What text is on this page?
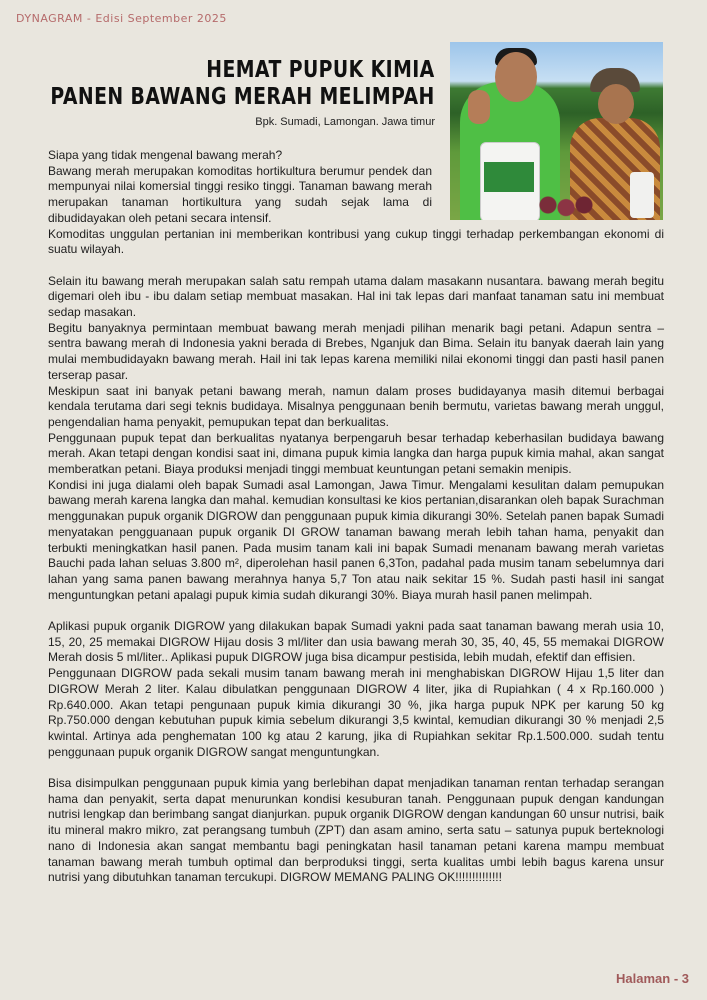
DYNAGRAM - Edisi September 2025
HEMAT PUPUK KIMIA
PANEN BAWANG MERAH MELIMPAH
Bpk. Sumadi, Lamongan. Jawa timur

Siapa yang tidak mengenal bawang merah?

Bawang merah merupakan komoditas hortikultura berumur pendek dan mempunyai nilai komersial tinggi resiko tinggi. Tanaman bawang merah merupakan tanaman hortikultura yang sudah sejak lama di dibudidayakan oleh petani secara intensif.

Komoditas unggulan pertanian ini memberikan kontribusi yang cukup tinggi terhadap perkembangan ekonomi di suatu wilayah.

Selain itu bawang merah merupakan salah satu rempah utama dalam masakann nusantara. bawang merah begitu digemari oleh ibu - ibu dalam setiap membuat masakan. Hal ini tak lepas dari manfaat tanaman satu ini membuat sedap masakan.

Begitu banyaknya permintaan membuat bawang merah menjadi pilihan menarik bagi petani. Adapun sentra – sentra bawang merah di Indonesia yakni berada di Brebes, Nganjuk dan Bima. Selain itu banyak daerah lain yang mulai membudidayakn bawang merah. Hail ini tak lepas karena memiliki nilai ekonomi tinggi dan pasti hasil panen terserap pasar.

Meskipun saat ini banyak petani bawang merah, namun dalam proses budidayanya masih ditemui berbagai kendala terutama dari segi teknis budidaya. Misalnya penggunaan benih bermutu, varietas bawang merah unggul, pengendalian hama penyakit, pemupukan tepat dan berkualitas.

Penggunaan pupuk tepat dan berkualitas nyatanya berpengaruh besar terhadap keberhasilan budidaya bawang merah. Akan tetapi dengan kondisi saat ini, dimana pupuk kimia langka dan harga pupuk kimia mahal, akan sangat memberatkan petani. Biaya produksi menjadi tinggi membuat keuntungan petani semakin menipis.

Kondisi ini juga dialami oleh bapak Sumadi asal Lamongan, Jawa Timur. Mengalami kesulitan dalam pemupukan bawang merah karena langka dan mahal. kemudian konsultasi ke kios pertanian,disarankan oleh bapak Surachman menggunakan pupuk organik DIGROW dan penggunaan pupuk kimia dikurangi 30%. Setelah panen bapak Sumadi menyatakan pengguanaan pupuk organik DI GROW tanaman bawang merah lebih tahan hama, penyakit dan terbukti meningkatkan hasil panen. Pada musim tanam kali ini bapak Sumadi menanam bawang merah varietas Bauchi pada lahan seluas 3.800 m², diperolehan hasil panen 6,3Ton, padahal pada musim tanam sebelumnya dari lahan yang sama panen bawang merahnya hanya 5,7 Ton atau naik sekitar 15 %. Sudah pasti hasil ini sangat menguntungkan petani apalagi pupuk kimia sudah dikurangi 30%. Biaya murah hasil panen melimpah.

Aplikasi pupuk organik DIGROW yang dilakukan bapak Sumadi yakni pada saat tanaman bawang merah usia 10, 15, 20, 25 memakai DIGROW Hijau dosis 3 ml/liter dan usia bawang merah 30, 35, 40, 45, 55 memakai DIGROW Merah dosis 5 ml/liter.. Aplikasi pupuk DIGROW juga bisa dicampur pestisida, lebih mudah, efektif dan effisien.

Penggunaan DIGROW pada sekali musim tanam bawang merah ini menghabiskan DIGROW Hijau 1,5 liter dan DIGROW Merah 2 liter. Kalau dibulatkan penggunaan DIGROW 4 liter, jika di Rupiahkan ( 4 x Rp.160.000 ) Rp.640.000. Akan tetapi pengunaan pupuk kimia dikurangi 30 %, jika harga pupuk NPK per karung 50 kg Rp.750.000 dengan kebutuhan pupuk kimia sebelum dikurangi 3,5 kwintal, kemudian dikurangi 30 % menjadi 2,5 kwintal. Artinya ada penghematan 100 kg atau 2 karung, jika di Rupiahkan sekitar Rp.1.500.000. sudah tentu penggunaan pupuk organik DIGROW sangat menguntungkan.

Bisa disimpulkan penggunaan pupuk kimia yang berlebihan dapat menjadikan tanaman rentan terhadap serangan hama dan penyakit, serta dapat menurunkan kondisi kesuburan tanah. Penggunaan pupuk dengan kandungan nutrisi lengkap dan berimbang sangat dianjurkan. pupuk organik DIGROW dengan kandungan 60 unsur nutrisi, baik itu mineral makro mikro, zat perangsang tumbuh (ZPT) dan asam amino, serta satu – satunya pupuk berteknologi nano di Indonesia akan sangat membantu bagi peningkatan hasil tanaman petani karena mampu membuat tanaman bawang merah tumbuh optimal dan berproduksi tinggi, serta kualitas umbi lebih bagus karena unsur nutrisi yang dibutuhkan tanaman tercukupi. DIGROW MEMANG PALING OK!!!!!!!!!!!!!!

Halaman - 3
